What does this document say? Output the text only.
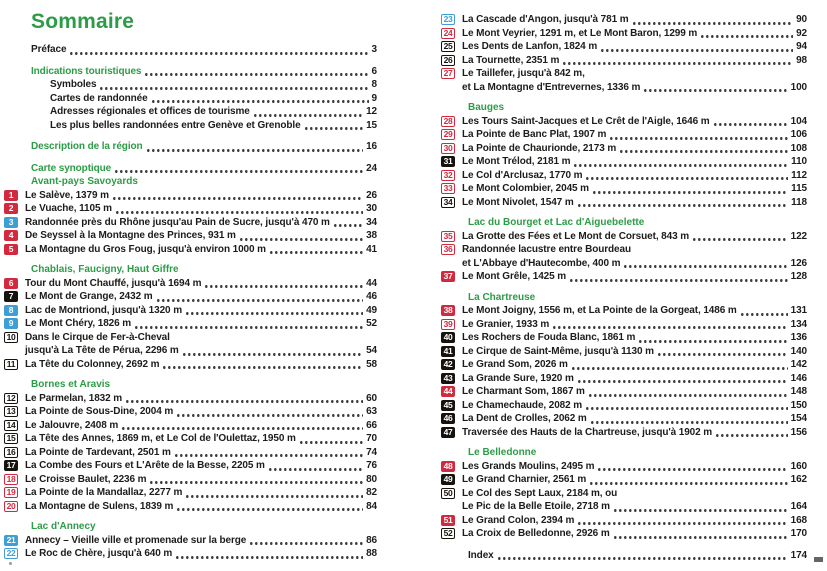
Sommaire
Préface	3
Indications touristiques	6
Symboles	8
Cartes de randonnée	9
Adresses régionales et offices de tourisme	12
Les plus belles randonnées entre Genève et Grenoble	15
Description de la région	16
Carte synoptique	24
Avant-pays Savoyards
1	Le Salève, 1379 m	26
2	Le Vuache, 1105 m	30
3	Randonnée près du Rhône jusqu'au Pain de Sucre, jusqu'à 470 m	34
4	De Seyssel à la Montagne des Princes, 931 m	38
5	La Montagne du Gros Foug, jusqu'à environ 1000 m	41
Chablais, Faucigny, Haut Giffre
6	Tour du Mont Chauffé, jusqu'à 1694 m	44
7	Le Mont de Grange, 2432 m	46
8	Lac de Montriond, jusqu'à 1320 m	49
9	Le Mont Chéry, 1826 m	52
10 Dans le Cirque de Fer-à-Cheval
jusqu'à La Tête de Pérua, 2296 m	54
11 La Tête du Colonney, 2692 m	58
Bornes et Aravis
12 Le Parmelan, 1832 m	60
13 La Pointe de Sous-Dine, 2004 m	63
14 Le Jalouvre, 2408 m	66
15 La Tête des Annes, 1869 m, et Le Col de l'Oulettaz, 1950 m	70
16 La Pointe de Tardevant, 2501 m	74
17 La Combe des Fours et L'Arête de la Besse, 2205 m	76
18 Le Croisse Baulet, 2236 m	80
19 La Pointe de la Mandallaz, 2277 m	82
20 La Montagne de Sulens, 1839 m	84
Lac d'Annecy
21 Annecy – Vieille ville et promenade sur la berge	86
22 Le Roc de Chère, jusqu'à 640 m	88
23 La Cascade d'Angon, jusqu'à 781 m	90
24 Le Mont Veyrier, 1291 m, et Le Mont Baron, 1299 m	92
25 Les Dents de Lanfon, 1824 m	94
26 La Tournette, 2351 m	98
27 Le Taillefer, jusqu'à 842 m,
et La Montagne d'Entrevernes, 1336 m	100
Bauges
28 Les Tours Saint-Jacques et Le Crêt de l'Aigle, 1646 m	104
29 La Pointe de Banc Plat, 1907 m	106
30 La Pointe de Chaurionde, 2173 m	108
31 Le Mont Trélod, 2181 m	110
32 Le Col d'Arclusaz, 1770 m	112
33 Le Mont Colombier, 2045 m	115
34 Le Mont Nivolet, 1547 m	118
Lac du Bourget et Lac d'Aiguebelette
35 La Grotte des Fées et Le Mont de Corsuet, 843 m	122
36 Randonnée lacustre entre Bourdeau
et L'Abbaye d'Hautecombe, 400 m	126
37 Le Mont Grêle, 1425 m	128
La Chartreuse
38 Le Mont Joigny, 1556 m, et La Pointe de la Gorgeat, 1486 m	131
39 Le Granier, 1933 m	134
40 Les Rochers de Fouda Blanc, 1861 m	136
41 Le Cirque de Saint-Même, jusqu'à 1130 m	140
42 Le Grand Som, 2026 m	142
43 La Grande Sure, 1920 m	146
44 Le Charmant Som, 1867 m	148
45 Le Chamechaude, 2082 m	150
46 La Dent de Crolles, 2062 m	154
47 Traversée des Hauts de la Chartreuse, jusqu'à 1902 m	156
Le Belledonne
48 Les Grands Moulins, 2495 m	160
49 Le Grand Charnier, 2561 m	162
50 Le Col des Sept Laux, 2184 m, ou
Le Pic de la Belle Etoile, 2718 m	164
51 Le Grand Colon, 2394 m	168
52 La Croix de Belledonne, 2926 m	170
Index	174
